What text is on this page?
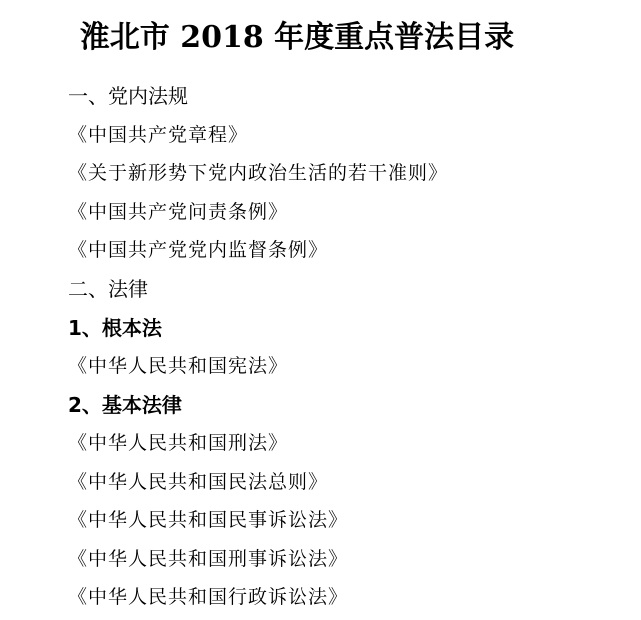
淮北市 2018 年度重点普法目录
一、党内法规
《中国共产党章程》
《关于新形势下党内政治生活的若干准则》
《中国共产党问责条例》
《中国共产党党内监督条例》
二、法律
1、根本法
《中华人民共和国宪法》
2、基本法律
《中华人民共和国刑法》
《中华人民共和国民法总则》
《中华人民共和国民事诉讼法》
《中华人民共和国刑事诉讼法》
《中华人民共和国行政诉讼法》
